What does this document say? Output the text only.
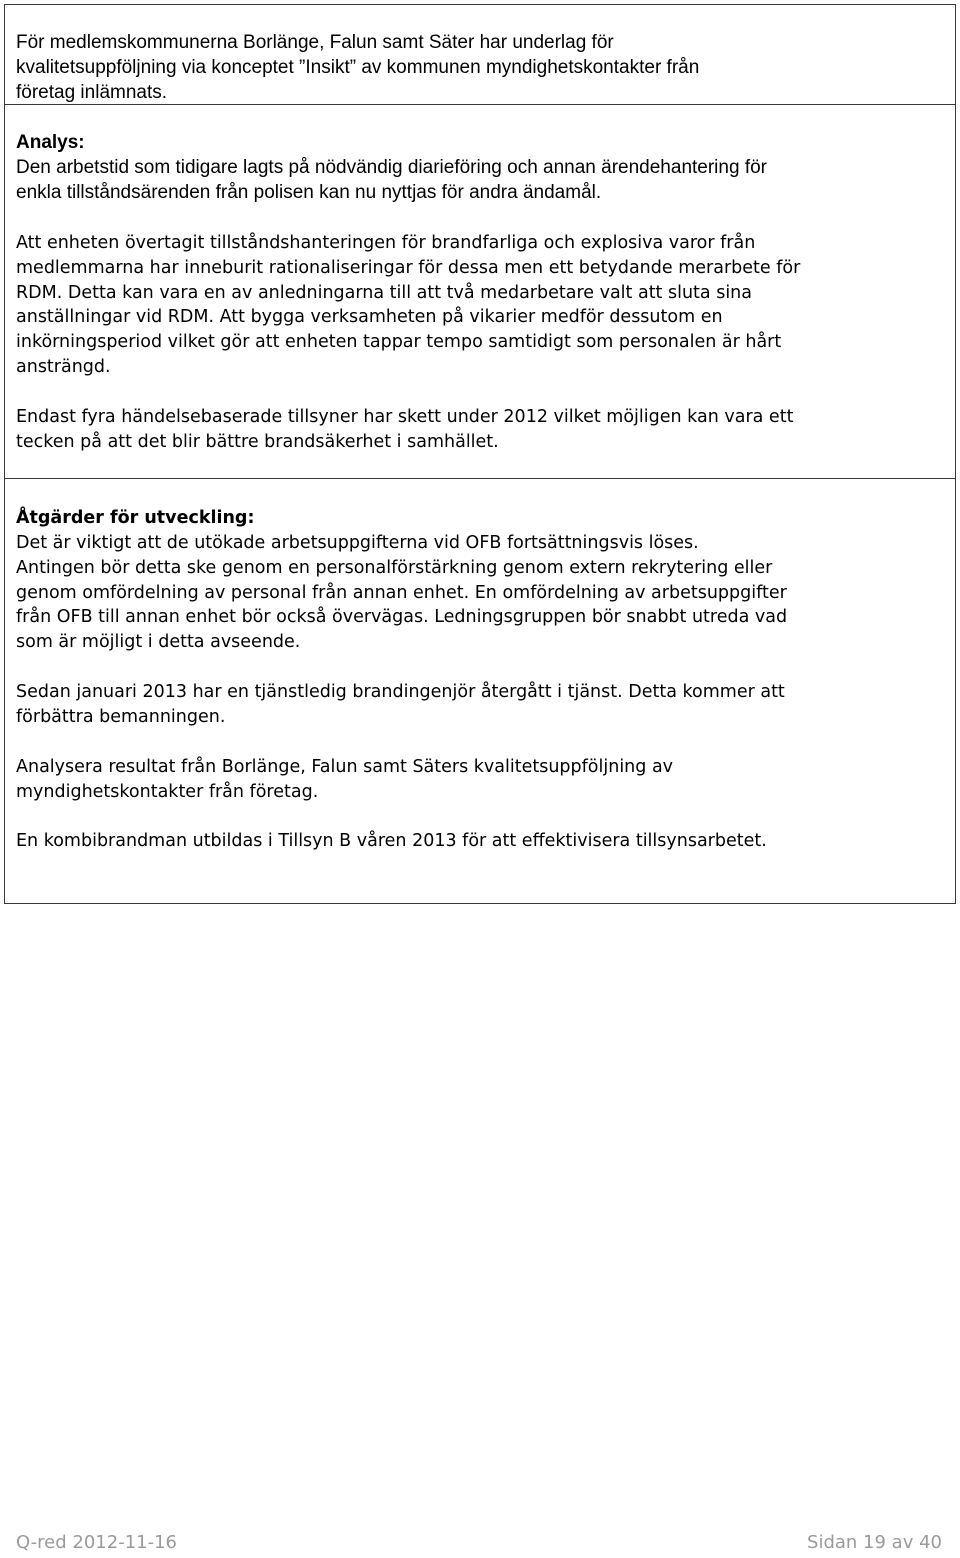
För medlemskommunerna Borlänge, Falun samt Säter har underlag för
kvalitetsuppföljning via konceptet ”Insikt” av kommunen myndighetskontakter från
företag inlämnats.

Analys:

Den arbetstid som tidigare lagts på nödvändig diarieföring och annan ärendehantering för
enkla tillståndsärenden från polisen kan nu nyttjas för andra ändamål.

Att enheten övertagit tillståndshanteringen för brandfarliga och explosiva varor från
medlemmarna har inneburit rationaliseringar för dessa men ett betydande merarbete för
RDM. Detta kan vara en av anledningarna till att två medarbetare valt att sluta sina
anställningar vid RDM. Att bygga verksamheten på vikarier medför dessutom en
inkörningsperiod vilket gör att enheten tappar tempo samtidigt som personalen är hårt
ansträngd.

Endast fyra händelsebaserade tillsyner har skett under 2012 vilket möjligen kan vara ett
tecken på att det blir bättre brandsäkerhet i samhället.

Åtgärder för utveckling:

Det är viktigt att de utökade arbetsuppgifterna vid OFB fortsättningsvis löses.
Antingen bör detta ske genom en personalförstärkning genom extern rekrytering eller
genom omfördelning av personal från annan enhet. En omfördelning av arbetsuppgifter
från OFB till annan enhet bör också övervägas. Ledningsgruppen bör snabbt utreda vad
som är möjligt i detta avseende.

Sedan januari 2013 har en tjänstledig brandingenjör återgått i tjänst. Detta kommer att
förbättra bemanningen.

Analysera resultat från Borlänge, Falun samt Säters kvalitetsuppföljning av
myndighetskontakter från företag.

En kombibrandman utbildas i Tillsyn B våren 2013 för att effektivisera tillsynsarbetet.

Q-red 2012-11-16	Sidan 19 av 40
